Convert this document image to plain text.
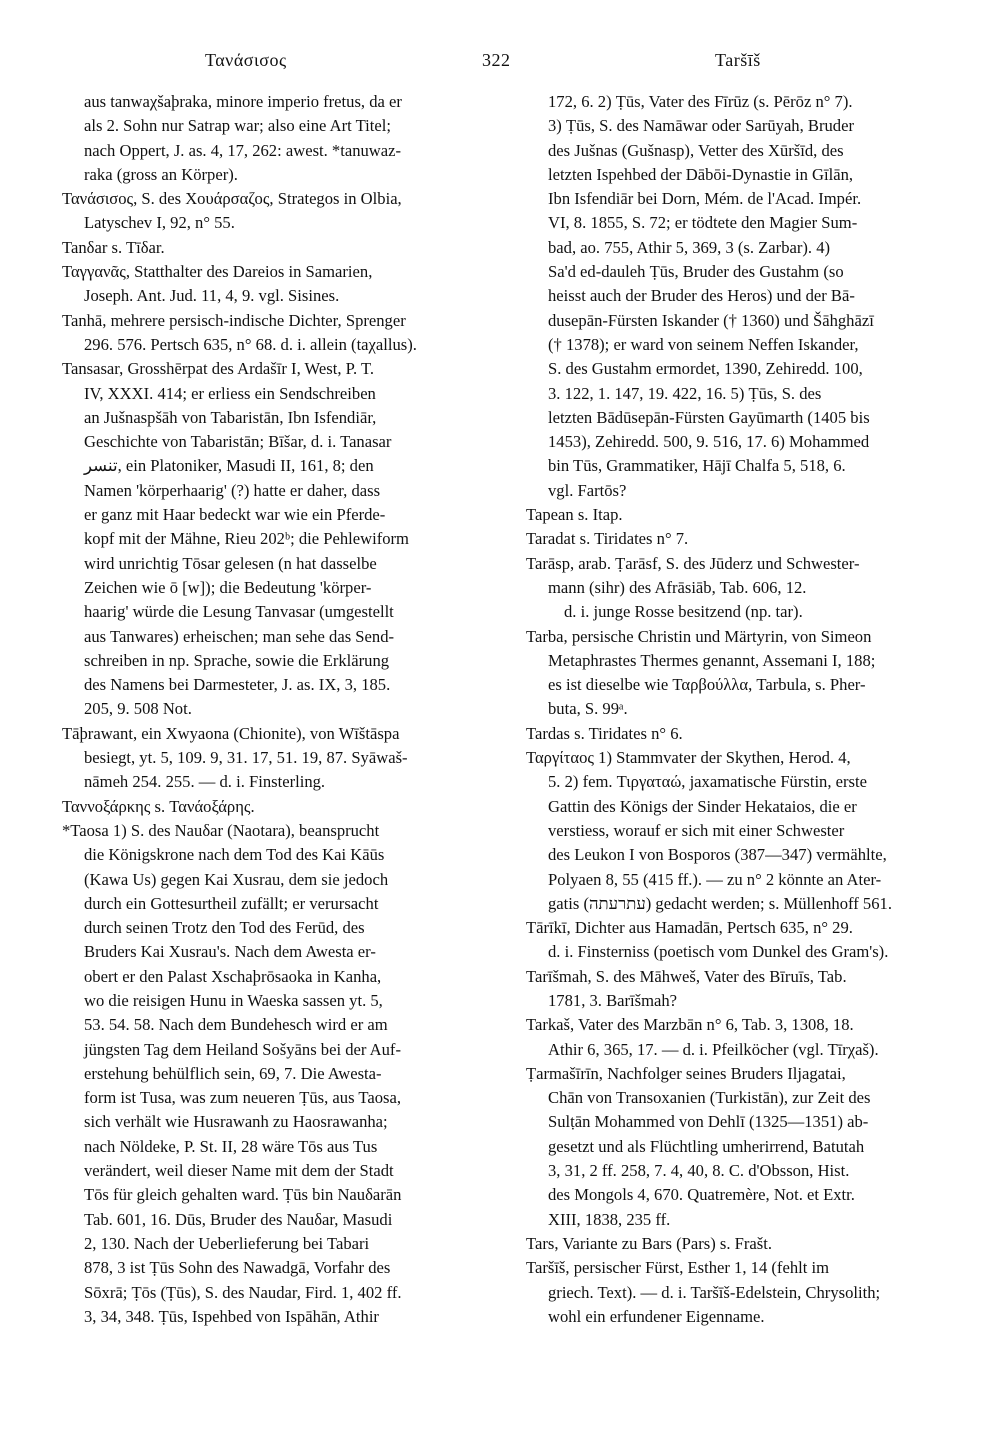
Τανάσισος	322	Taršīš
aus tanwaχšaþraka, minore imperio fretus, da er
als 2. Sohn nur Satrap war; also eine Art Titel;
nach Oppert, J. as. 4, 17, 262: awest. *tanuwaz-
raka (gross an Körper).
Τανάσισος, S. des Χουάρσαζος, Strategos in Olbia,
Latyschev I, 92, n° 55.
Tanδar s. Tīδar.
Ταγγανᾶς, Statthalter des Dareios in Samarien,
Joseph. Ant. Jud. 11, 4, 9. vgl. Sisines.
Tanhā, mehrere persisch-indische Dichter, Sprenger
296. 576. Pertsch 635, n° 68. d. i. allein (taχallus).
Tansasar, Grosshērpat des Ardašīr I, West, P. T.
IV, XXXI. 414; er erliess ein Sendschreiben
an Jušnaspšāh von Tabaristān, Ibn Isfendiār,
Geschichte von Tabaristān; Bīšar, d. i. Tanasar
تنسر, ein Platoniker, Masudi II, 161, 8; den
Namen 'körperhaarig' (?) hatte er daher, dass
er ganz mit Haar bedeckt war wie ein Pferde-
kopf mit der Mähne, Rieu 202ᵇ; die Pehlewiform
wird unrichtig Tōsar gelesen (n hat dasselbe
Zeichen wie ō [w]); die Bedeutung 'körper-
haarig' würde die Lesung Tanvasar (umgestellt
aus Tanwares) erheischen; man sehe das Send-
schreiben in np. Sprache, sowie die Erklärung
des Namens bei Darmesteter, J. as. IX, 3, 185.
205, 9. 508 Not.
Tāþrawant, ein Xwyaona (Chionite), von Wīštāspa
besiegt, yt. 5, 109. 9, 31. 17, 51. 19, 87. Syāwaš-
nāmeh 254. 255. — d. i. Finsterling.
Ταννοξάρκης s. Τανάοξάρης.
*Taosa 1) S. des Nauδar (Naotara), beansprucht
die Königskrone nach dem Tod des Kai Kāūs
(Kawa Us) gegen Kai Xusrau, dem sie jedoch
durch ein Gottesurtheil zufällt; er verursacht
durch seinen Trotz den Tod des Ferūd, des
Bruders Kai Xusrau's. Nach dem Awesta er-
obert er den Palast Xschaþrōsaoka in Kanha,
wo die reisigen Hunu in Waeska sassen yt. 5,
53. 54. 58. Nach dem Bundehesch wird er am
jüngsten Tag dem Heiland Sošyāns bei der Auf-
erstehung behülflich sein, 69, 7. Die Awesta-
form ist Tusa, was zum neueren Ṭūs, aus Taosa,
sich verhält wie Husrawanh zu Haosrawanha;
nach Nöldeke, P. St. II, 28 wäre Tōs aus Tus
verändert, weil dieser Name mit dem der Stadt
Tōs für gleich gehalten ward. Ṭūs bin Nauδarān
Tab. 601, 16. Dūs, Bruder des Nauδar, Masudi
2, 130. Nach der Ueberlieferung bei Tabari
878, 3 ist Ṭūs Sohn des Nawadgā, Vorfahr des
Sōxrā; Ṭōs (Ṭūs), S. des Naudar, Fird. 1, 402 ff.
3, 34, 348. Ṭūs, Ispehbed von Ispāhān, Athir
172, 6. 2) Ṭūs, Vater des Fīrūz (s. Pērōz n° 7).
3) Ṭūs, S. des Namāwar oder Sarūyah, Bruder
des Jušnas (Gušnasp), Vetter des Xūršīd, des
letzten Ispehbed der Dābōi-Dynastie in Gīlān,
Ibn Isfendiār bei Dorn, Mém. de l'Acad. Impér.
VI, 8. 1855, S. 72; er tödtete den Magier Sum-
bad, ao. 755, Athir 5, 369, 3 (s. Zarbar). 4)
Sa'd ed-dauleh Ṭūs, Bruder des Gustahm (so
heisst auch der Bruder des Heros) und der Bā-
dusepān-Fürsten Iskander († 1360) und Šāhghāzī
(† 1378); er ward von seinem Neffen Iskander,
S. des Gustahm ermordet, 1390, Zehiredd. 100,
3. 122, 1. 147, 19. 422, 16. 5) Ṭūs, S. des
letzten Bādūsepān-Fürsten Gayūmarth (1405 bis
1453), Zehiredd. 500, 9. 516, 17. 6) Mohammed
bin Tūs, Grammatiker, Hājī Chalfa 5, 518, 6.
vgl. Fartōs?
Tapean s. Itap.
Taradat s. Tiridates n° 7.
Tarāsp, arab. Ṭarāsf, S. des Jūderz und Schwester-
mann (sihr) des Afrāsiāb, Tab. 606, 12.
d. i. junge Rosse besitzend (np. tar).
Tarba, persische Christin und Märtyrin, von Simeon
Metaphrastes Thermes genannt, Assemani I, 188;
es ist dieselbe wie Ταρβούλλα, Tarbula, s. Pher-
buta, S. 99ᵃ.
Tardas s. Tiridates n° 6.
Ταργίταος 1) Stammvater der Skythen, Herod. 4,
5. 2) fem. Τιργαταώ, jaxamatische Fürstin, erste
Gattin des Königs der Sinder Hekataios, die er
verstiess, worauf er sich mit einer Schwester
des Leukon I von Bosporos (387—347) vermählte,
Polyaen 8, 55 (415 ff.). — zu n° 2 könnte an Ater-
gatis (עתרעתה) gedacht werden; s. Müllenhoff 561.
Tārīkī, Dichter aus Hamadān, Pertsch 635, n° 29.
d. i. Finsterniss (poetisch vom Dunkel des Gram's).
Tarīšmah, S. des Māhweš, Vater des Bīruīs, Tab.
1781, 3. Barīšmah?
Tarkaš, Vater des Marzbān n° 6, Tab. 3, 1308, 18.
Athir 6, 365, 17. — d. i. Pfeilköcher (vgl. Tīrχaš).
Ṭarmašīrīn, Nachfolger seines Bruders Iljagatai,
Chān von Transoxanien (Turkistān), zur Zeit des
Sulṭān Mohammed von Dehlī (1325—1351) ab-
gesetzt und als Flüchtling umherirrend, Batutah
3, 31, 2 ff. 258, 7. 4, 40, 8. C. d'Obsson, Hist.
des Mongols 4, 670. Quatremère, Not. et Extr.
XIII, 1838, 235 ff.
Tars, Variante zu Bars (Pars) s. Frašt.
Taršīš, persischer Fürst, Esther 1, 14 (fehlt im
griech. Text). — d. i. Taršīš-Edelstein, Chrysolith;
wohl ein erfundener Eigenname.
